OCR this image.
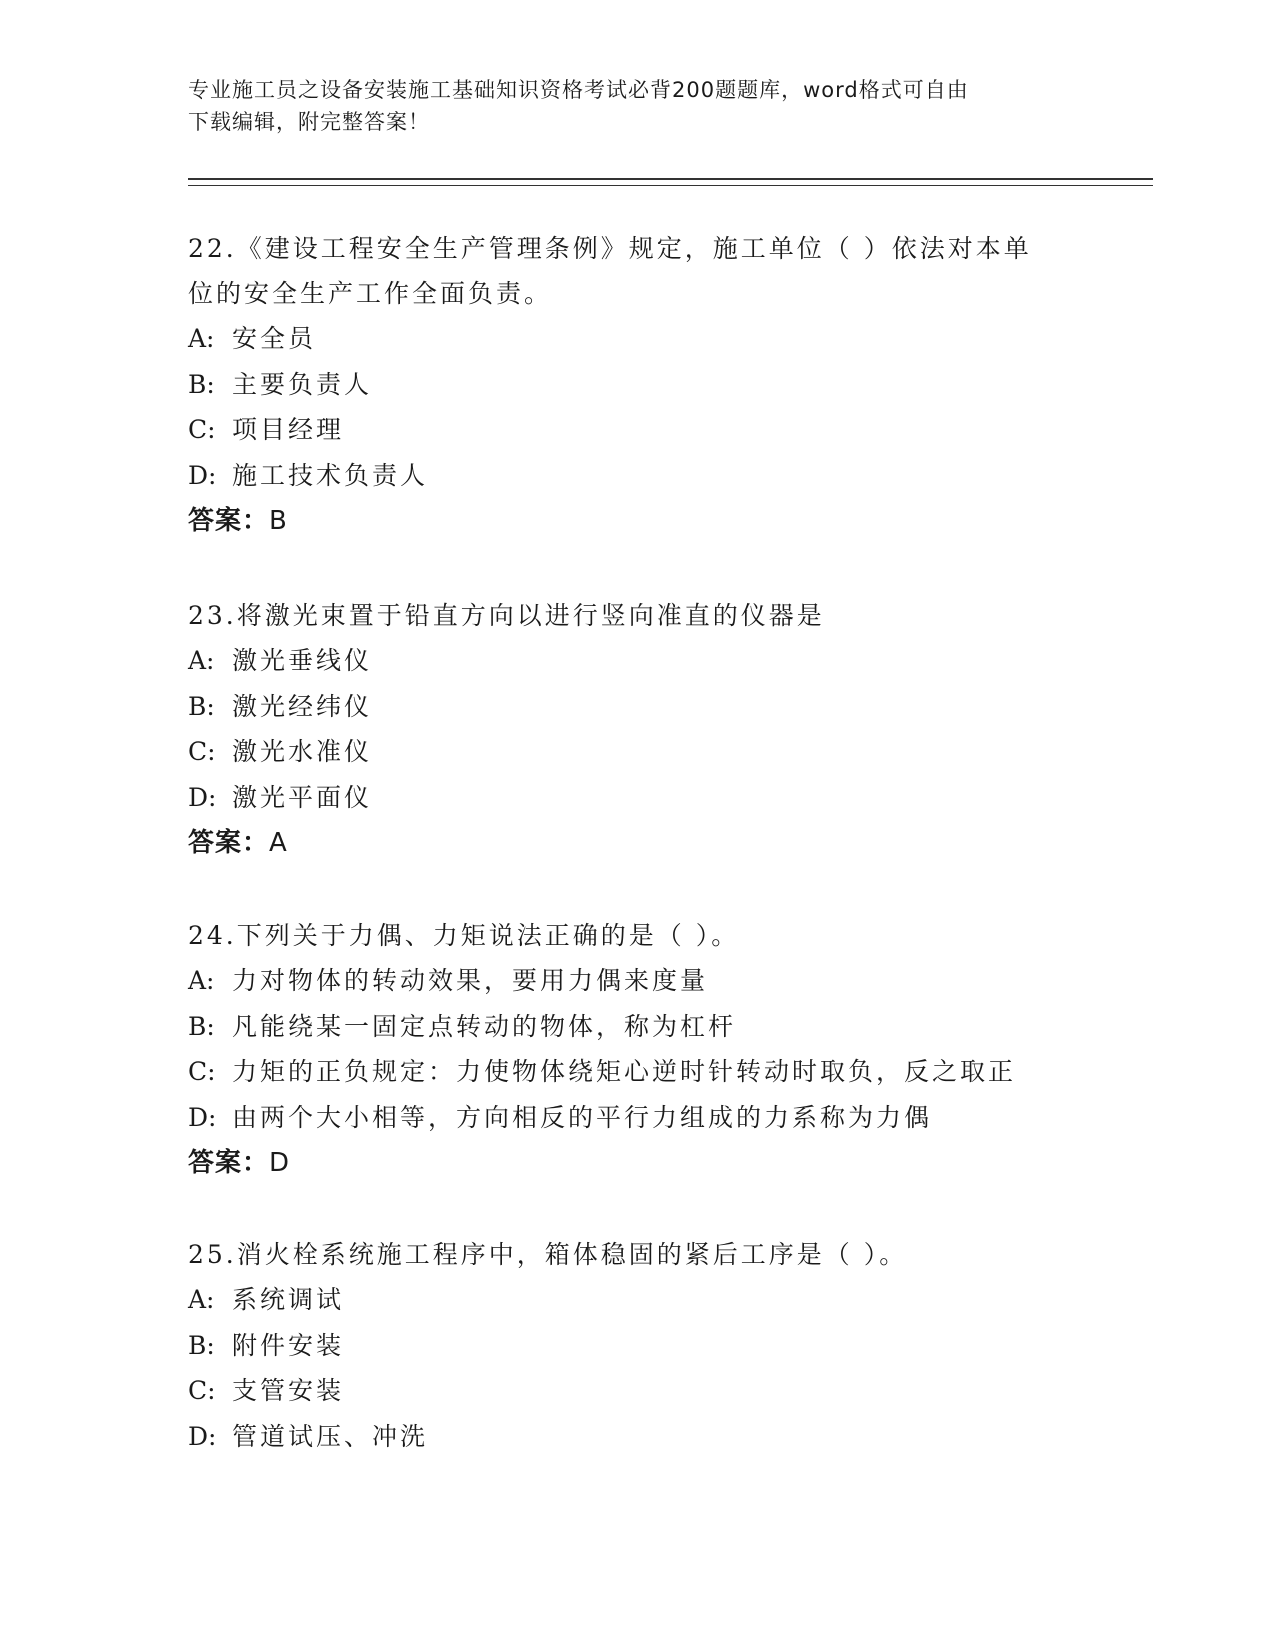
专业施工员之设备安装施工基础知识资格考试必背200题题库，word格式可自由
下载编辑，附完整答案！

22.《建设工程安全生产管理条例》规定，施工单位（ ）依法对本单

位的安全生产工作全面负责。

A: 安全员

B: 主要负责人

C: 项目经理

D: 施工技术负责人

答案：B

23.将激光束置于铅直方向以进行竖向准直的仪器是

A: 激光垂线仪

B: 激光经纬仪

C: 激光水准仪

D: 激光平面仪

答案：A

24.下列关于力偶、力矩说法正确的是（ ）。

A: 力对物体的转动效果，要用力偶来度量

B: 凡能绕某一固定点转动的物体，称为杠杆

C: 力矩的正负规定：力使物体绕矩心逆时针转动时取负，反之取正

D: 由两个大小相等，方向相反的平行力组成的力系称为力偶

答案：D

25.消火栓系统施工程序中，箱体稳固的紧后工序是（ ）。

A: 系统调试

B: 附件安装

C: 支管安装

D: 管道试压、冲洗
